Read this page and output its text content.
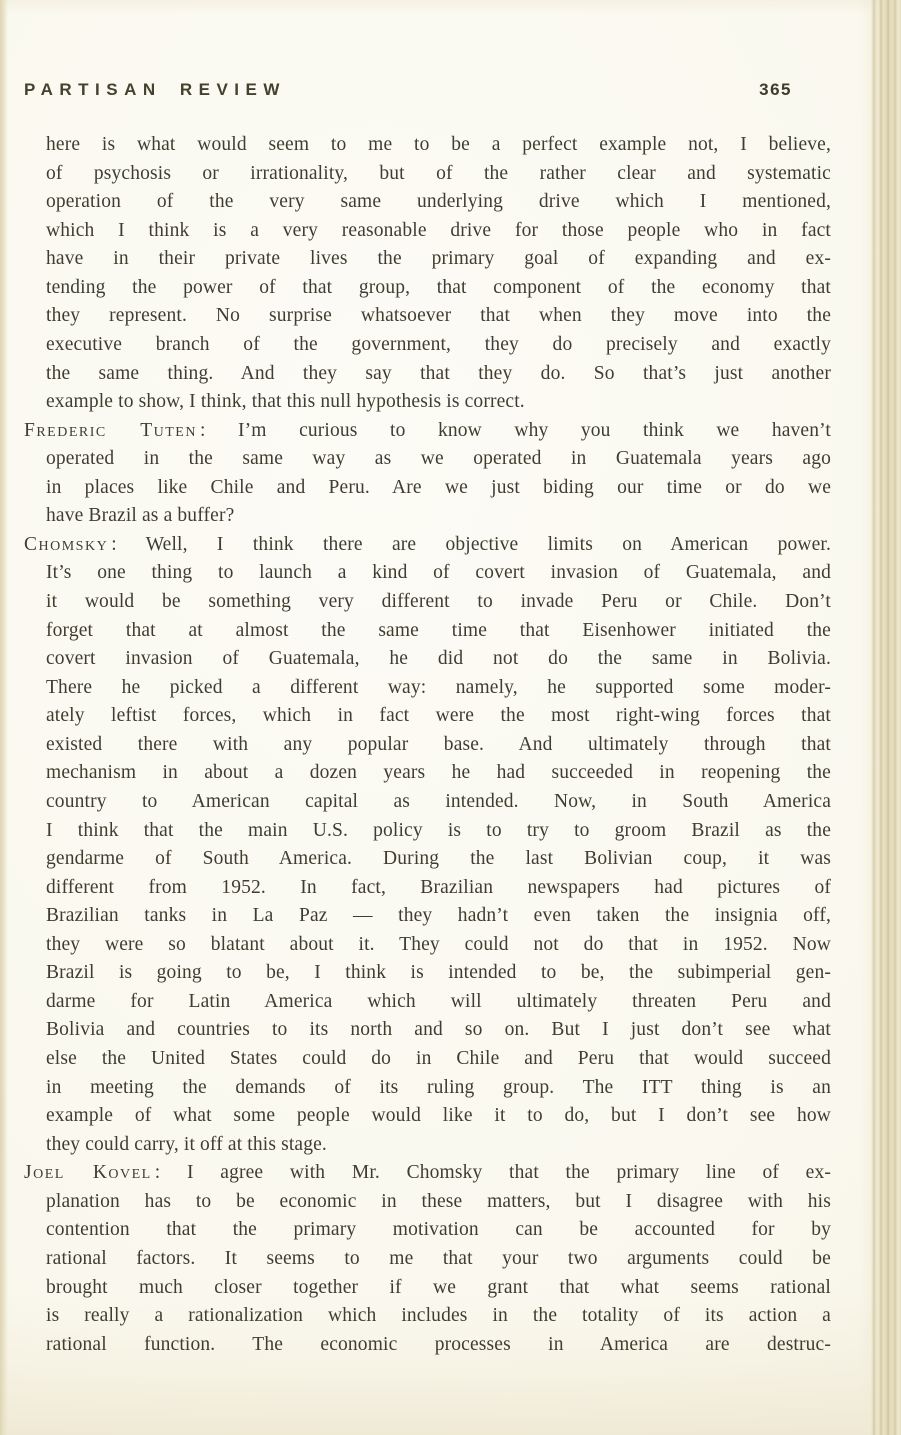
PARTISAN REVIEW	365
here is what would seem to me to be a perfect example not, I believe,
of psychosis or irrationality, but of the rather clear and systematic
operation of the very same underlying drive which I mentioned,
which I think is a very reasonable drive for those people who in fact
have in their private lives the primary goal of expanding and ex-
tending the power of that group, that component of the economy that
they represent. No surprise whatsoever that when they move into the
executive branch of the government, they do precisely and exactly
the same thing. And they say that they do. So that’s just another
example to show, I think, that this null hypothesis is correct.
Frederic Tuten : I’m curious to know why you think we haven’t
operated in the same way as we operated in Guatemala years ago
in places like Chile and Peru. Are we just biding our time or do we
have Brazil as a buffer?
Chomsky : Well, I think there are objective limits on American power.
It’s one thing to launch a kind of covert invasion of Guatemala, and
it would be something very different to invade Peru or Chile. Don’t
forget that at almost the same time that Eisenhower initiated the
covert invasion of Guatemala, he did not do the same in Bolivia.
There he picked a different way: namely, he supported some moder-
ately leftist forces, which in fact were the most right-wing forces that
existed there with any popular base. And ultimately through that
mechanism in about a dozen years he had succeeded in reopening the
country to American capital as intended. Now, in South America
I think that the main U.S. policy is to try to groom Brazil as the
gendarme of South America. During the last Bolivian coup, it was
different from 1952. In fact, Brazilian newspapers had pictures of
Brazilian tanks in La Paz — they hadn’t even taken the insignia off,
they were so blatant about it. They could not do that in 1952. Now
Brazil is going to be, I think is intended to be, the subimperial gen-
darme for Latin America which will ultimately threaten Peru and
Bolivia and countries to its north and so on. But I just don’t see what
else the United States could do in Chile and Peru that would succeed
in meeting the demands of its ruling group. The ITT thing is an
example of what some people would like it to do, but I don’t see how
they could carry, it off at this stage.
Joel Kovel : I agree with Mr. Chomsky that the primary line of ex-
planation has to be economic in these matters, but I disagree with his
contention that the primary motivation can be accounted for by
rational factors. It seems to me that your two arguments could be
brought much closer together if we grant that what seems rational
is really a rationalization which includes in the totality of its action a
rational function. The economic processes in America are destruc-
